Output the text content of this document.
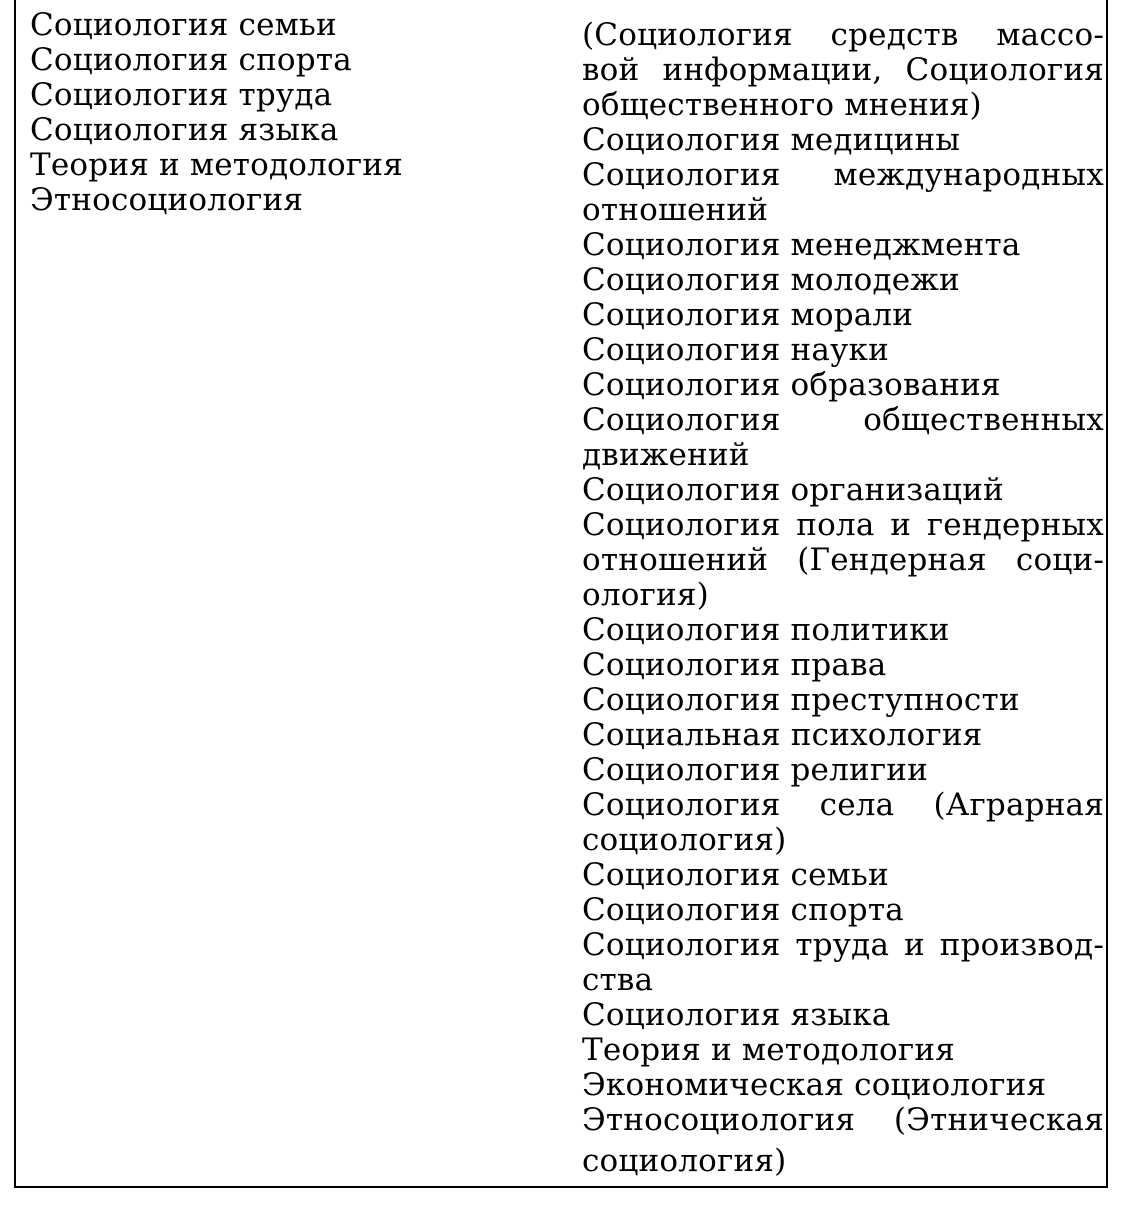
Социология семьи
Социология спорта
Социология труда
Социология языка
Теория и методология
Этносоциология
(Социология средств массо-
вой информации, Социология
общественного мнения)
Социология медицины
Социология международных
отношений
Социология менеджмента
Социология молодежи
Социология морали
Социология науки
Социология образования
Социология общественных
движений
Социология организаций
Социология пола и гендерных
отношений (Гендерная соци-
ология)
Социология политики
Социология права
Социология преступности
Социальная психология
Социология религии
Социология села (Аграрная
социология)
Социология семьи
Социология спорта
Социология труда и производ-
ства
Социология языка
Теория и методология
Экономическая социология
Этносоциология (Этническая
социология)
